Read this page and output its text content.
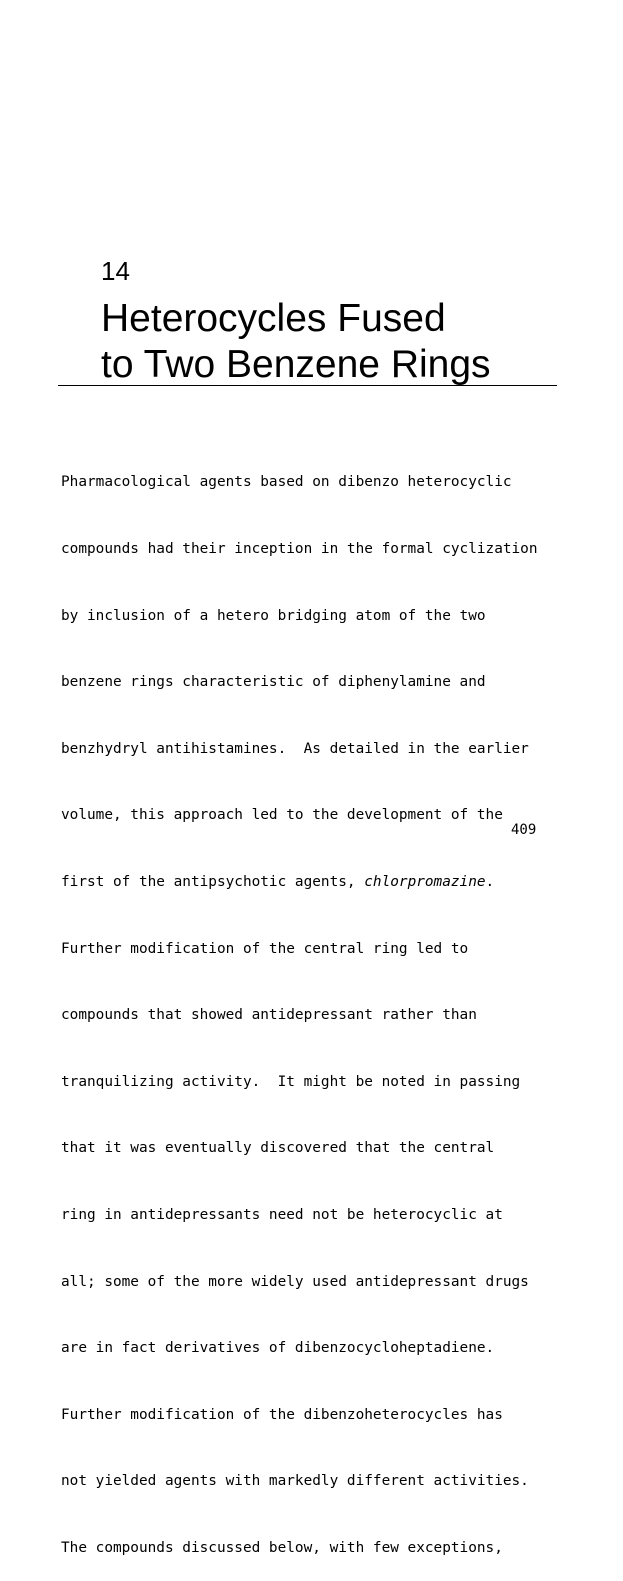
14
Heterocycles Fused
to Two Benzene Rings

Pharmacological agents based on dibenzo heterocyclic

compounds had their inception in the formal cyclization

by inclusion of a hetero bridging atom of the two

benzene rings characteristic of diphenylamine and

benzhydryl antihistamines.  As detailed in the earlier

volume, this approach led to the development of the

first of the antipsychotic agents, chlorpromazine.

Further modification of the central ring led to

compounds that showed antidepressant rather than

tranquilizing activity.  It might be noted in passing

that it was eventually discovered that the central

ring in antidepressants need not be heterocyclic at

all; some of the more widely used antidepressant drugs

are in fact derivatives of dibenzocycloheptadiene.

Further modification of the dibenzoheterocycles has

not yielded agents with markedly different activities.

The compounds discussed below, with few exceptions,

409
